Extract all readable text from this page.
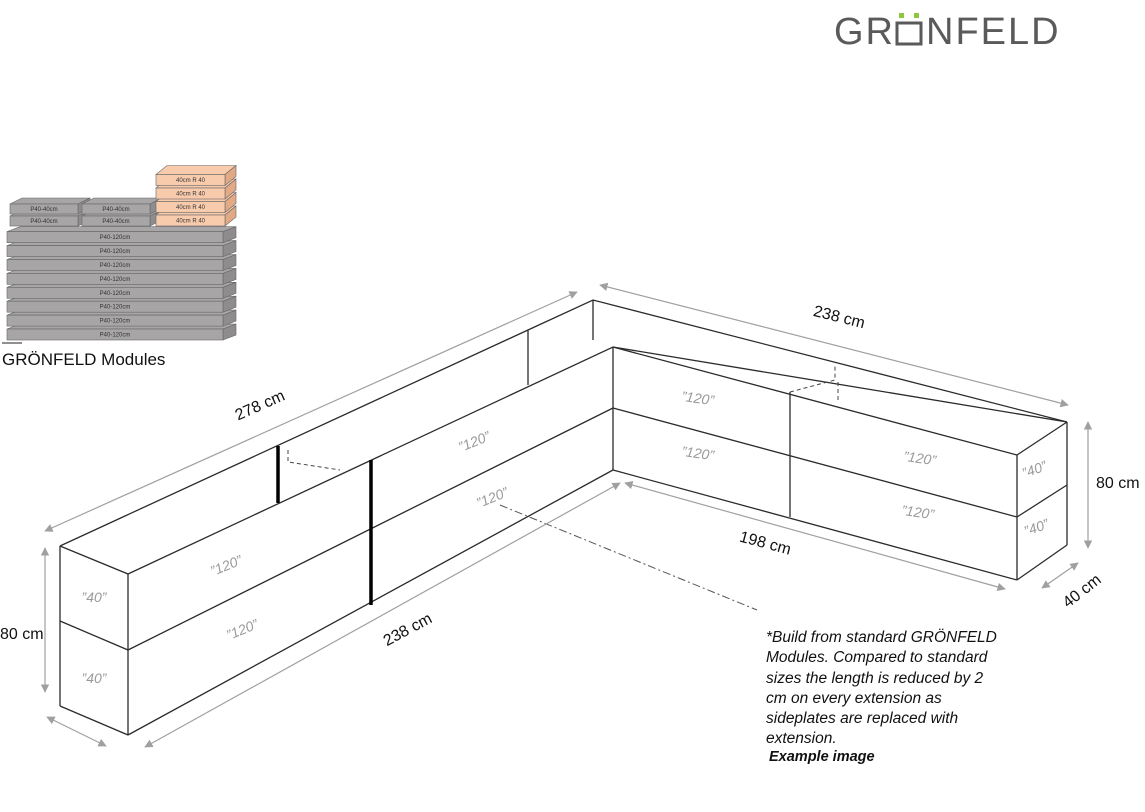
GR NFELD
P40-120cm
P40-120cm
P40-120cm
P40-120cm
P40-120cm
P40-120cm
P40-120cm
P40-120cm
P40-40cm
P40-40cm
P40-40cm
P40-40cm
40cm R 40
40cm R 40
40cm R 40
40cm R 40
278 cm
238 cm
238 cm
198 cm
80 cm
80 cm
40 cm
”40”
”40”
”120”
”120”
”120”
”120”
”120”
”120”	”120”
”120”
”40”
”40”
GRÖNFELD Modules
*Build from standard GRÖNFELD Modules. Compared to standard sizes the length is reduced by 2 cm on every extension as sideplates are replaced with extension.
Example image
